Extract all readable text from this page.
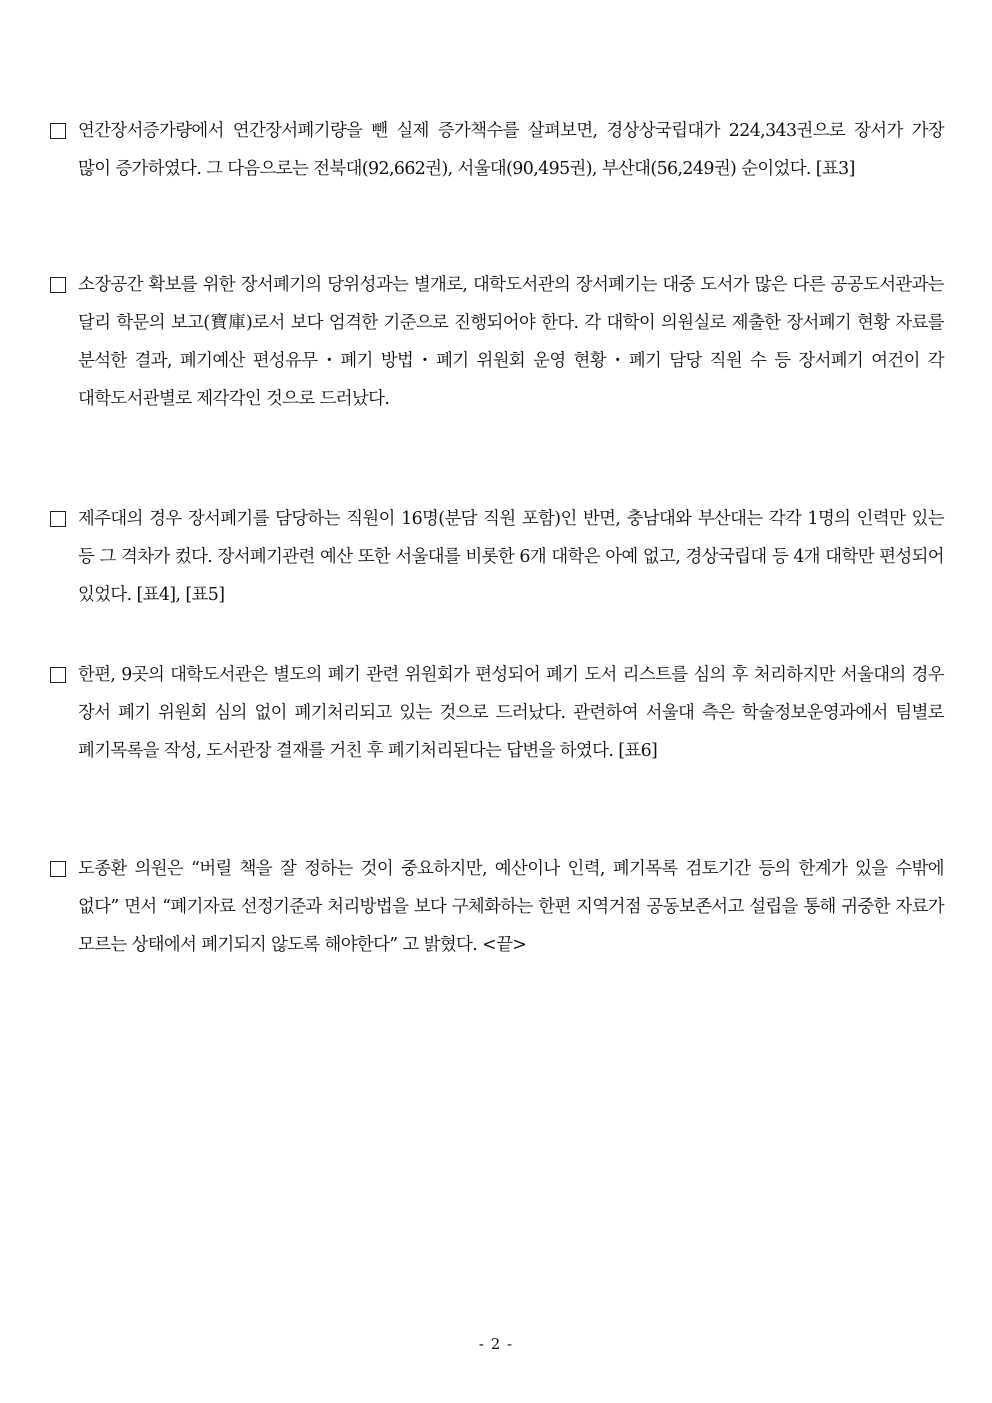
연간장서증가량에서 연간장서폐기량을 뺀 실제 증가책수를 살펴보면, 경상상국립대가 224,343권으로 장서가 가장 많이 증가하였다. 그 다음으로는 전북대(92,662권), 서울대(90,495권), 부산대(56,249권) 순이었다. [표3]
소장공간 확보를 위한 장서폐기의 당위성과는 별개로, 대학도서관의 장서폐기는 대중 도서가 많은 다른 공공도서관과는 달리 학문의 보고(寶庫)로서 보다 엄격한 기준으로 진행되어야 한다. 각 대학이 의원실로 제출한 장서폐기 현황 자료를 분석한 결과, 폐기예산 편성유무・폐기 방법・폐기 위원회 운영 현황・폐기 담당 직원 수 등 장서폐기 여건이 각 대학도서관별로 제각각인 것으로 드러났다.
제주대의 경우 장서폐기를 담당하는 직원이 16명(분담 직원 포함)인 반면, 충남대와 부산대는 각각 1명의 인력만 있는 등 그 격차가 컸다. 장서폐기관련 예산 또한 서울대를 비롯한 6개 대학은 아예 없고, 경상국립대 등 4개 대학만 편성되어 있었다. [표4], [표5]
한편, 9곳의 대학도서관은 별도의 폐기 관련 위원회가 편성되어 폐기 도서 리스트를 심의 후 처리하지만 서울대의 경우 장서 폐기 위원회 심의 없이 폐기처리되고 있는 것으로 드러났다. 관련하여 서울대 측은 학술정보운영과에서 팀별로 폐기목록을 작성, 도서관장 결재를 거친 후 폐기처리된다는 답변을 하였다. [표6]
도종환 의원은 “버릴 책을 잘 정하는 것이 중요하지만, 예산이나 인력, 폐기목록 검토기간 등의 한계가 있을 수밖에 없다” 면서 “폐기자료 선정기준과 처리방법을 보다 구체화하는 한편 지역거점 공동보존서고 설립을 통해 귀중한 자료가 모르는 상태에서 폐기되지 않도록 해야한다” 고 밝혔다. <끝>
- 2 -
